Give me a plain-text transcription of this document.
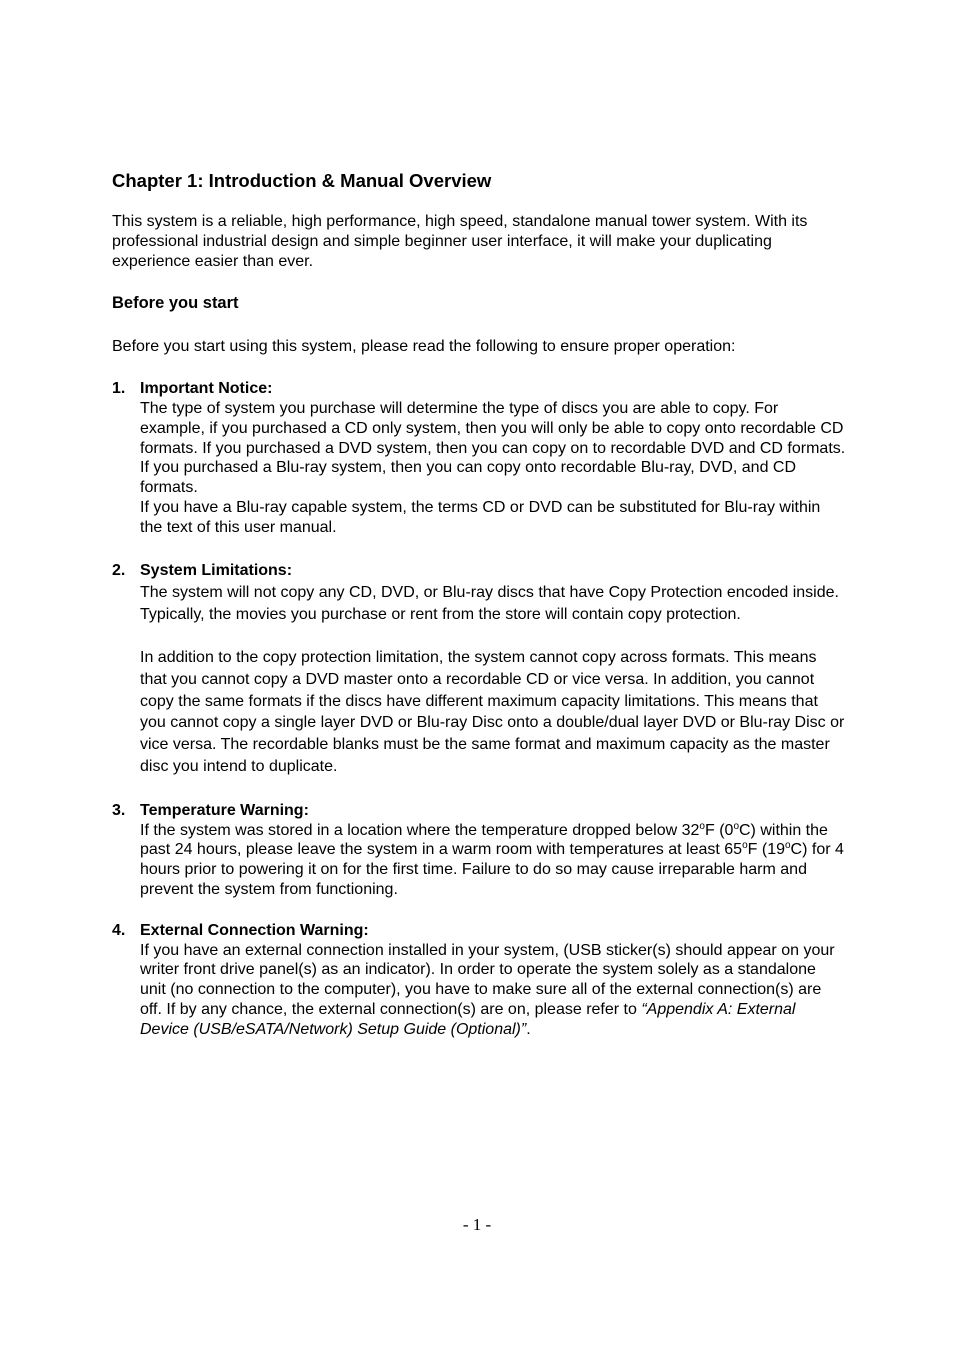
Chapter 1: Introduction & Manual Overview

This system is a reliable, high performance, high speed, standalone manual tower system. With its professional industrial design and simple beginner user interface, it will make your duplicating experience easier than ever.

Before you start

Before you start using this system, please read the following to ensure proper operation:

1. Important Notice:

The type of system you purchase will determine the type of discs you are able to copy. For example, if you purchased a CD only system, then you will only be able to copy onto recordable CD formats. If you purchased a DVD system, then you can copy on to recordable DVD and CD formats. If you purchased a Blu-ray system, then you can copy onto recordable Blu-ray, DVD, and CD formats.

If you have a Blu-ray capable system, the terms CD or DVD can be substituted for Blu-ray within the text of this user manual.

2. System Limitations:

The system will not copy any CD, DVD, or Blu-ray discs that have Copy Protection encoded inside. Typically, the movies you purchase or rent from the store will contain copy protection.

In addition to the copy protection limitation, the system cannot copy across formats. This means that you cannot copy a DVD master onto a recordable CD or vice versa. In addition, you cannot copy the same formats if the discs have different maximum capacity limitations. This means that you cannot copy a single layer DVD or Blu-ray Disc onto a double/dual layer DVD or Blu-ray Disc or vice versa. The recordable blanks must be the same format and maximum capacity as the master disc you intend to duplicate.

3. Temperature Warning:

If the system was stored in a location where the temperature dropped below 32$^o$F (0$^o$C) within the past 24 hours, please leave the system in a warm room with temperatures at least 65$^o$F (19$^o$C) for 4 hours prior to powering it on for the first time. Failure to do so may cause irreparable harm and prevent the system from functioning.

4. External Connection Warning:

If you have an external connection installed in your system, (USB sticker(s) should appear on your writer front drive panel(s) as an indicator). In order to operate the system solely as a standalone unit (no connection to the computer), you have to make sure all of the external connection(s) are off. If by any chance, the external connection(s) are on, please refer to “Appendix A: External Device (USB/eSATA/Network) Setup Guide (Optional)”.

- 1 -
